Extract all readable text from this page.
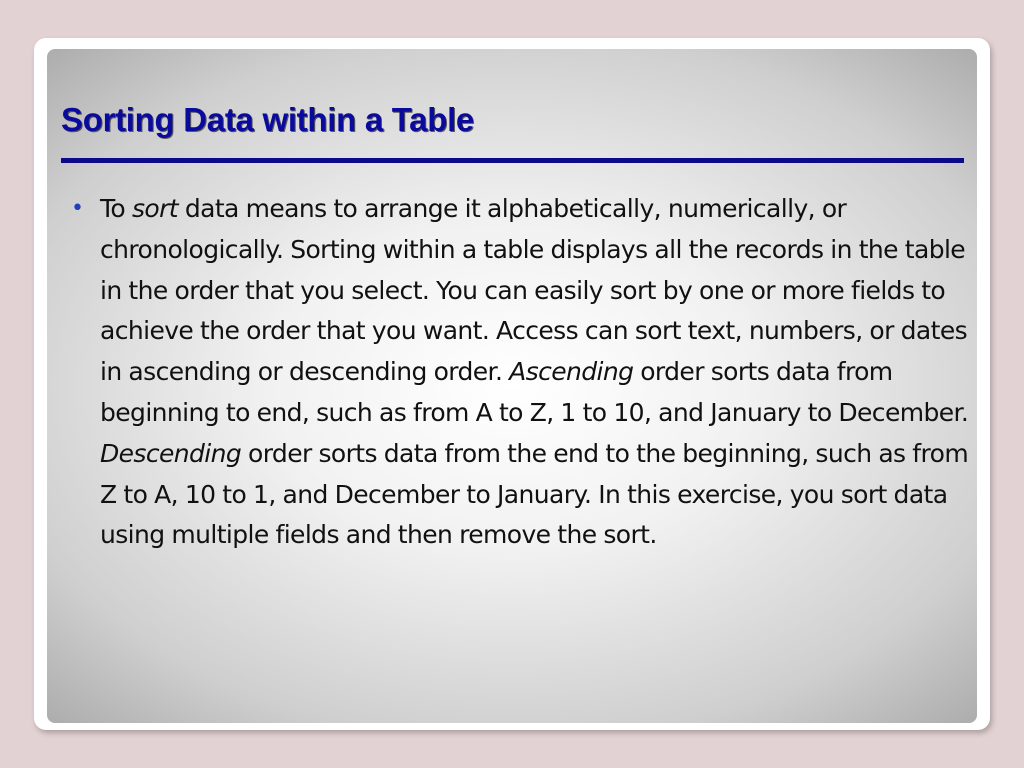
Sorting Data within a Table
• To sort data means to arrange it alphabetically, numerically, or chronologically. Sorting within a table displays all the records in the table in the order that you select. You can easily sort by one or more fields to achieve the order that you want. Access can sort text, numbers, or dates in ascending or descending order. Ascending order sorts data from beginning to end, such as from A to Z, 1 to 10, and January to December. Descending order sorts data from the end to the beginning, such as from Z to A, 10 to 1, and December to January. In this exercise, you sort data using multiple fields and then remove the sort.
